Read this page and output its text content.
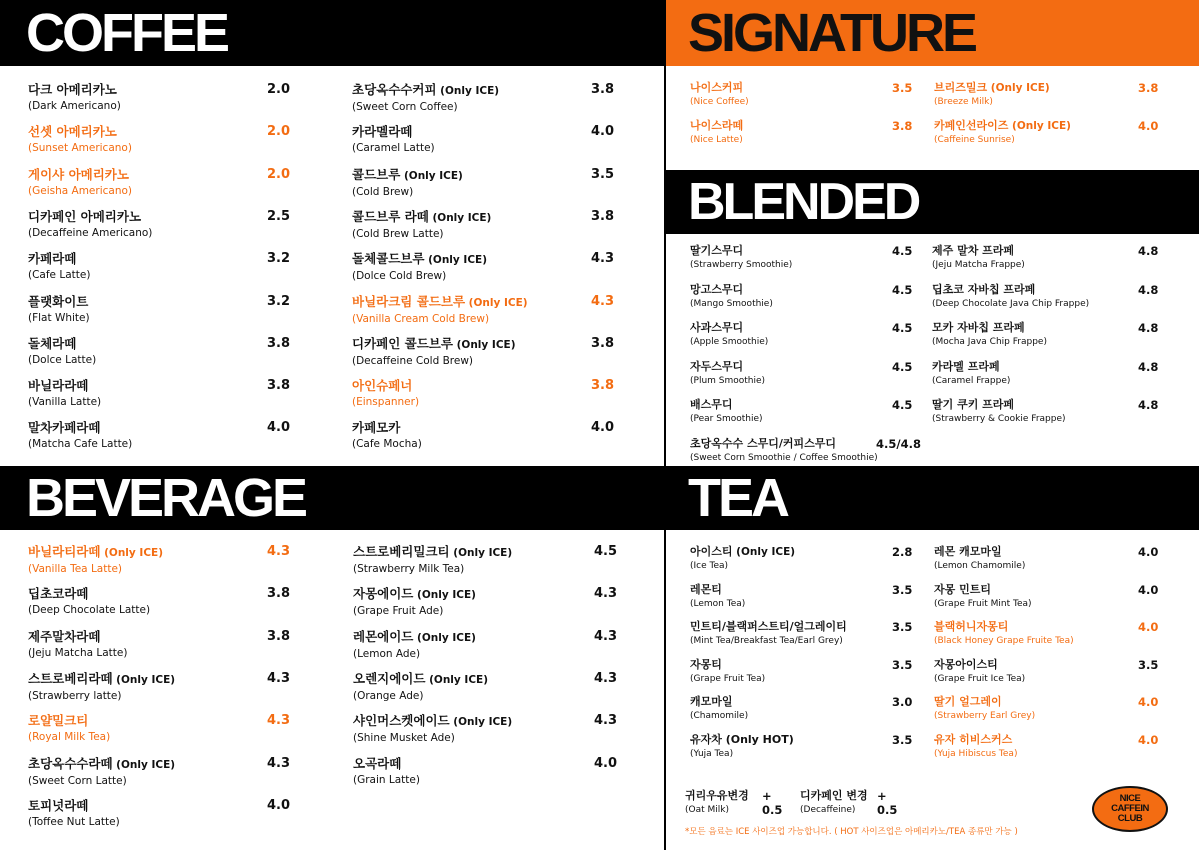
COFFEE	SIGNATURE
BLENDED
BEVERAGE	TEA
다크 아메리카노
(Dark Americano)
2.0
선셋 아메리카노
(Sunset Americano)
2.0
게이샤 아메리카노
(Geisha Americano)
2.0
디카페인 아메리카노
(Decaffeine Americano)
2.5
카페라떼
(Cafe Latte)
3.2
플랫화이트
(Flat White)
3.2
돌체라떼
(Dolce Latte)
3.8
바닐라라떼
(Vanilla Latte)
3.8
말차카페라떼
(Matcha Cafe Latte)
4.0
초당옥수수커피 (Only ICE)
(Sweet Corn Coffee)
3.8
카라멜라떼
(Caramel Latte)
4.0
콜드브루 (Only ICE)
(Cold Brew)
3.5
콜드브루 라떼 (Only ICE)
(Cold Brew Latte)
3.8
돌체콜드브루 (Only ICE)
(Dolce Cold Brew)
4.3
바닐라크림 콜드브루 (Only ICE)
(Vanilla Cream Cold Brew)
4.3
디카페인 콜드브루 (Only ICE)
(Decaffeine Cold Brew)
3.8
아인슈페너
(Einspanner)
3.8
카페모카
(Cafe Mocha)
4.0
나이스커피
(Nice Coffee)
3.5
나이스라떼
(Nice Latte)
3.8
브리즈밀크 (Only ICE)
(Breeze Milk)
3.8
카페인선라이즈 (Only ICE)
(Caffeine Sunrise)
4.0
딸기스무디
(Strawberry Smoothie)
4.5
망고스무디
(Mango Smoothie)
4.5
사과스무디
(Apple Smoothie)
4.5
자두스무디
(Plum Smoothie)
4.5
배스무디
(Pear Smoothie)
4.5
초당옥수수 스무디/커피스무디
(Sweet Corn Smoothie / Coffee Smoothie)
4.5/4.8
제주 말차 프라페
(Jeju Matcha Frappe)
4.8
딥초코 자바칩 프라페
(Deep Chocolate Java Chip Frappe)
4.8
모카 자바칩 프라페
(Mocha Java Chip Frappe)
4.8
카라멜 프라페
(Caramel Frappe)
4.8
딸기 쿠키 프라페
(Strawberry & Cookie Frappe)
4.8
바닐라티라떼 (Only ICE)
(Vanilla Tea Latte)
4.3
딥초코라떼
(Deep Chocolate Latte)
3.8
제주말차라떼
(Jeju Matcha Latte)
3.8
스트로베리라떼 (Only ICE)
(Strawberry latte)
4.3
로얄밀크티
(Royal Milk Tea)
4.3
초당옥수수라떼 (Only ICE)
(Sweet Corn Latte)
4.3
토피넛라떼
(Toffee Nut Latte)
4.0
스트로베리밀크티 (Only ICE)
(Strawberry Milk Tea)
4.5
자몽에이드 (Only ICE)
(Grape Fruit Ade)
4.3
레몬에이드 (Only ICE)
(Lemon Ade)
4.3
오렌지에이드 (Only ICE)
(Orange Ade)
4.3
샤인머스켓에이드 (Only ICE)
(Shine Musket Ade)
4.3
오곡라떼
(Grain Latte)
4.0
아이스티 (Only ICE)
(Ice Tea)
2.8
레몬티
(Lemon Tea)
3.5
민트티/블랙퍼스트티/얼그레이티
(Mint Tea/Breakfast Tea/Earl Grey)
3.5
자몽티
(Grape Fruit Tea)
3.5
캐모마일
(Chamomile)
3.0
유자차 (Only HOT)
(Yuja Tea)
3.5
레몬 캐모마일
(Lemon Chamomile)
4.0
자몽 민트티
(Grape Fruit Mint Tea)
4.0
블랙허니자몽티
(Black Honey Grape Fruite Tea)
4.0
자몽아이스티
(Grape Fruit Ice Tea)
3.5
딸기 얼그레이
(Strawberry Earl Grey)
4.0
유자 히비스커스
(Yuja Hibiscus Tea)
4.0
귀리우유변경
(Oat Milk)
+ 0.5
디카페인 변경
(Decaffeine)
+ 0.5
*모든 음료는 ICE 사이즈업 가능합니다. ( HOT 사이즈업은 아메리카노/TEA 종류만 가능 )
NICE
CAFFEIN
CLUB
